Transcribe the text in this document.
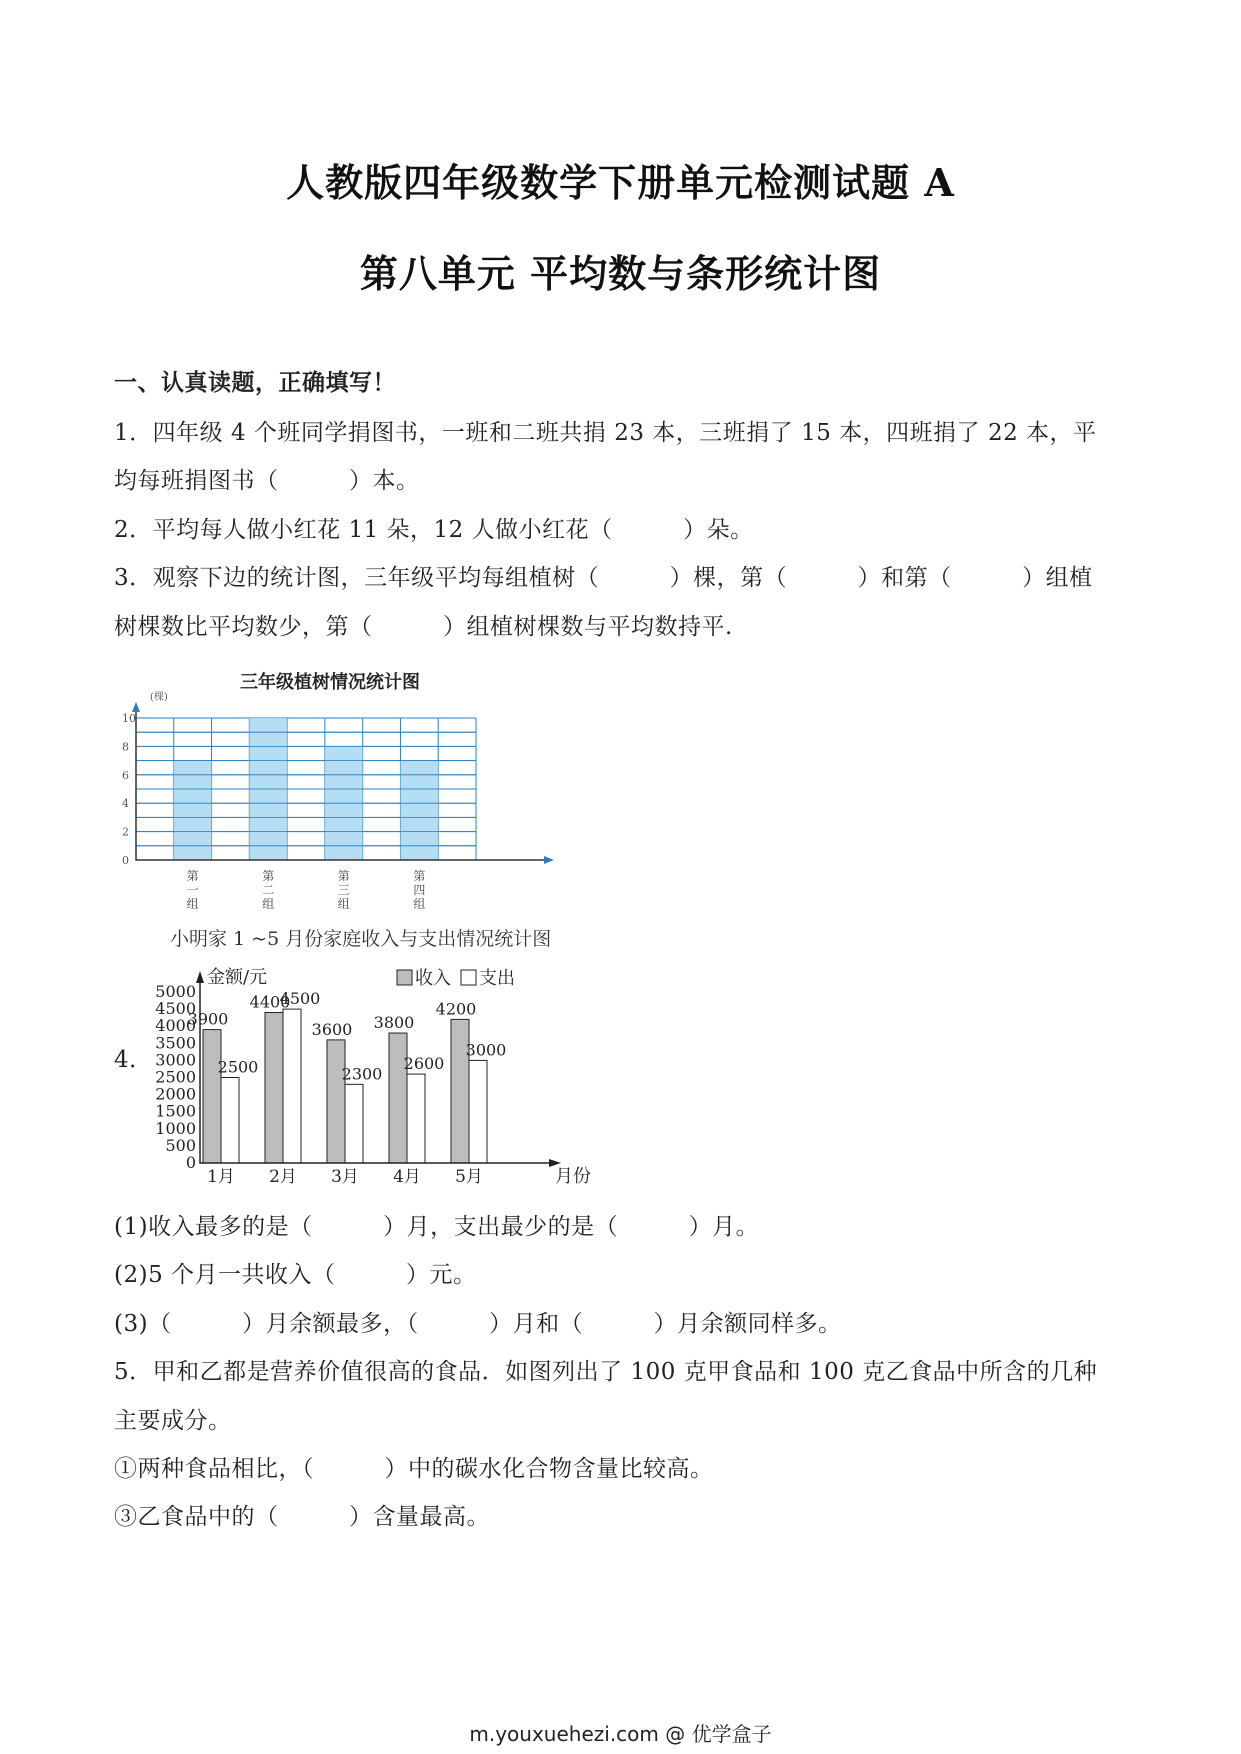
人教版四年级数学下册单元检测试题 A
第八单元 平均数与条形统计图
一、认真读题，正确填写！
1．四年级 4 个班同学捐图书，一班和二班共捐 23 本，三班捐了 15 本，四班捐了 22 本，平
均每班捐图书（　　　）本。
2．平均每人做小红花 11 朵，12 人做小红花（　　　）朵。
3．观察下边的统计图，三年级平均每组植树（　　　）棵，第（　　　）和第（　　　）组植
树棵数比平均数少，第（　　　）组植树棵数与平均数持平.
三年级植树情况统计图
0
2
4
6
8
10
第一组
第二组
第三组
第四组
(棵)
小明家 1 ~5 月份家庭收入与支出情况统计图
金额/元	收入 支出
0
500
1000
1500
2000
2500
3000
3500
4000
4500
5000
3900
2500
4400
4500
3600
2300
3800
2600
4200
3000
1月 2月 3月 4月 5月	月份
4．
(1)收入最多的是（　　　）月，支出最少的是（　　　）月。
(2)5 个月一共收入（　　　）元。
(3)（　　　）月余额最多，（　　　）月和（　　　）月余额同样多。
5．甲和乙都是营养价值很高的食品．如图列出了 100 克甲食品和 100 克乙食品中所含的几种
主要成分。
①两种食品相比，（　　　）中的碳水化合物含量比较高。
③乙食品中的（　　　）含量最高。
m.youxuehezi.com @ 优学盒子
